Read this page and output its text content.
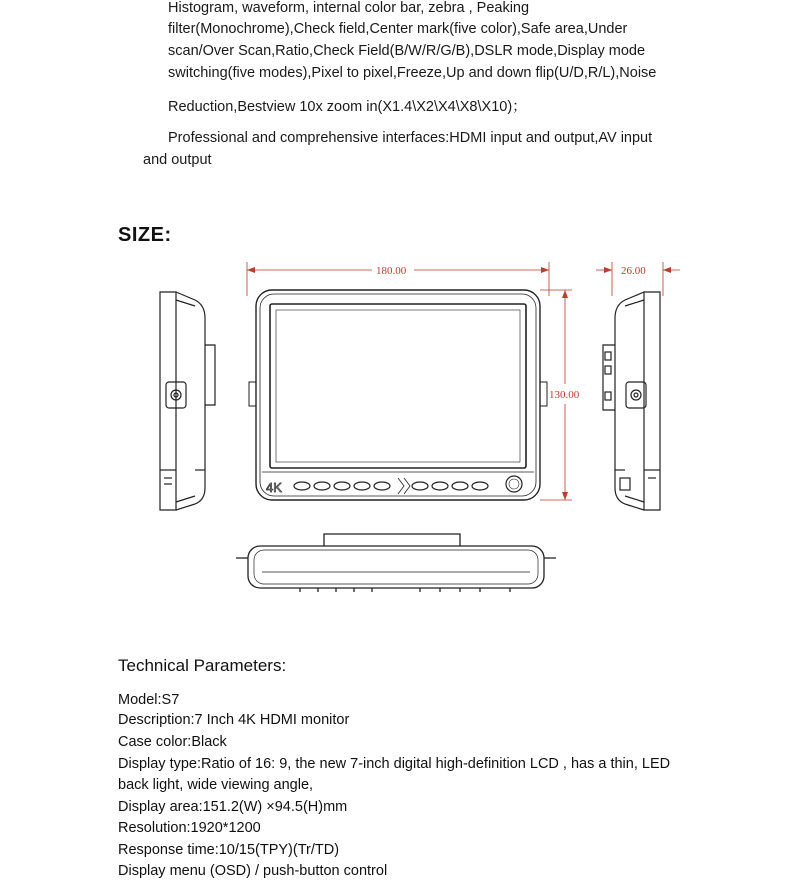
Histogram, waveform, internal color bar, zebra , Peaking
filter(Monochrome),Check field,Center mark(five color),Safe area,Under
scan/Over Scan,Ratio,Check Field(B/W/R/G/B),DSLR mode,Display mode
switching(five modes),Pixel to pixel,Freeze,Up and down flip(U/D,R/L),Noise
Reduction,Bestview 10x zoom in(X1.4\X2\X4\X8\X10)；
Professional and comprehensive interfaces:HDMI input and output,AV input
and output
SIZE:
4K
180.00
130.00
26.00
Technical Parameters:
Model:S7
Description:7 Inch 4K HDMI monitor
Case color:Black
Display type:Ratio of 16: 9, the new 7-inch digital high-definition LCD , has a thin, LED
back light, wide viewing angle,
Display area:151.2(W) ×94.5(H)mm
Resolution:1920*1200
Response time:10/15(TPY)(Tr/TD)
Display menu (OSD) / push-button control
